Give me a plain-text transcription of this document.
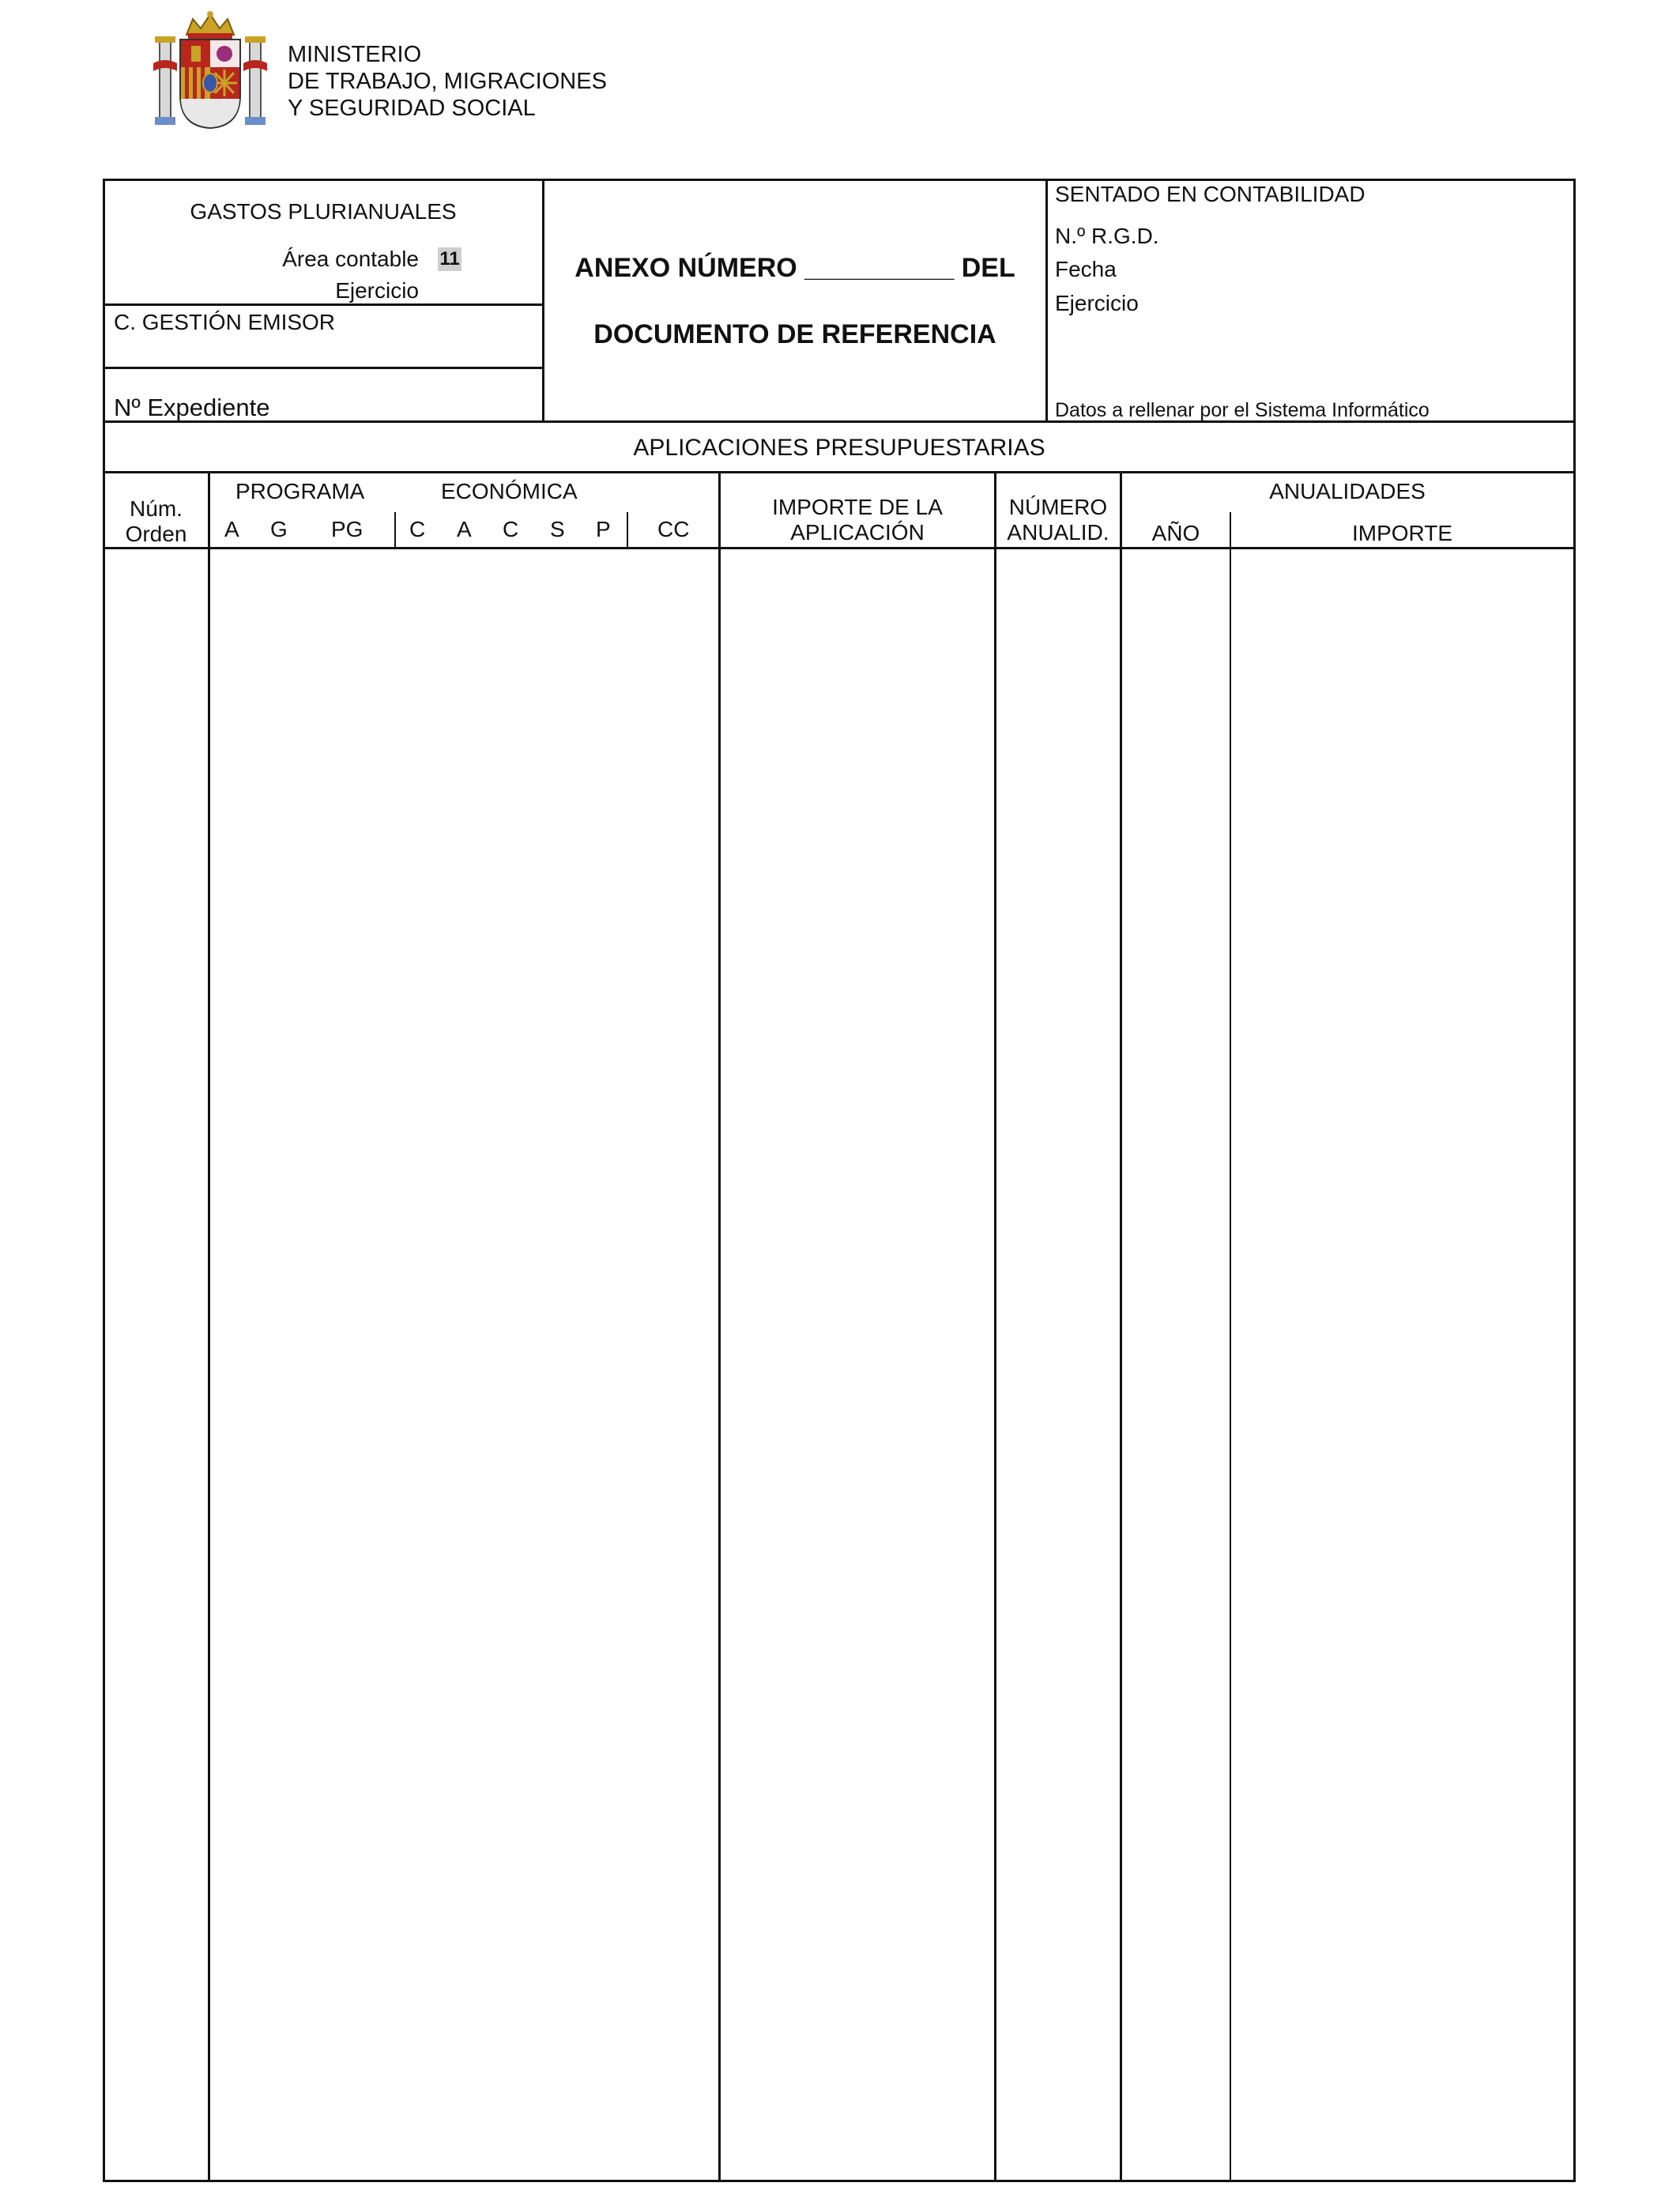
MINISTERIO
DE TRABAJO, MIGRACIONES
Y SEGURIDAD SOCIAL
GASTOS PLURIANUALES
Área contable 11
Ejercicio
C. GESTIÓN EMISOR
Nº Expediente
ANEXO NÚMERO __________ DEL
DOCUMENTO DE REFERENCIA
SENTADO EN CONTABILIDAD
N.º R.G.D.
Fecha
Ejercicio
Datos a rellenar por el Sistema Informático
APLICACIONES PRESUPUESTARIAS
Núm.
Orden
PROGRAMA	ECONÓMICA
A G PG C A C S P CC
IMPORTE DE LA
APLICACIÓN
NÚMERO
ANUALID.
ANUALIDADES
AÑO	IMPORTE
